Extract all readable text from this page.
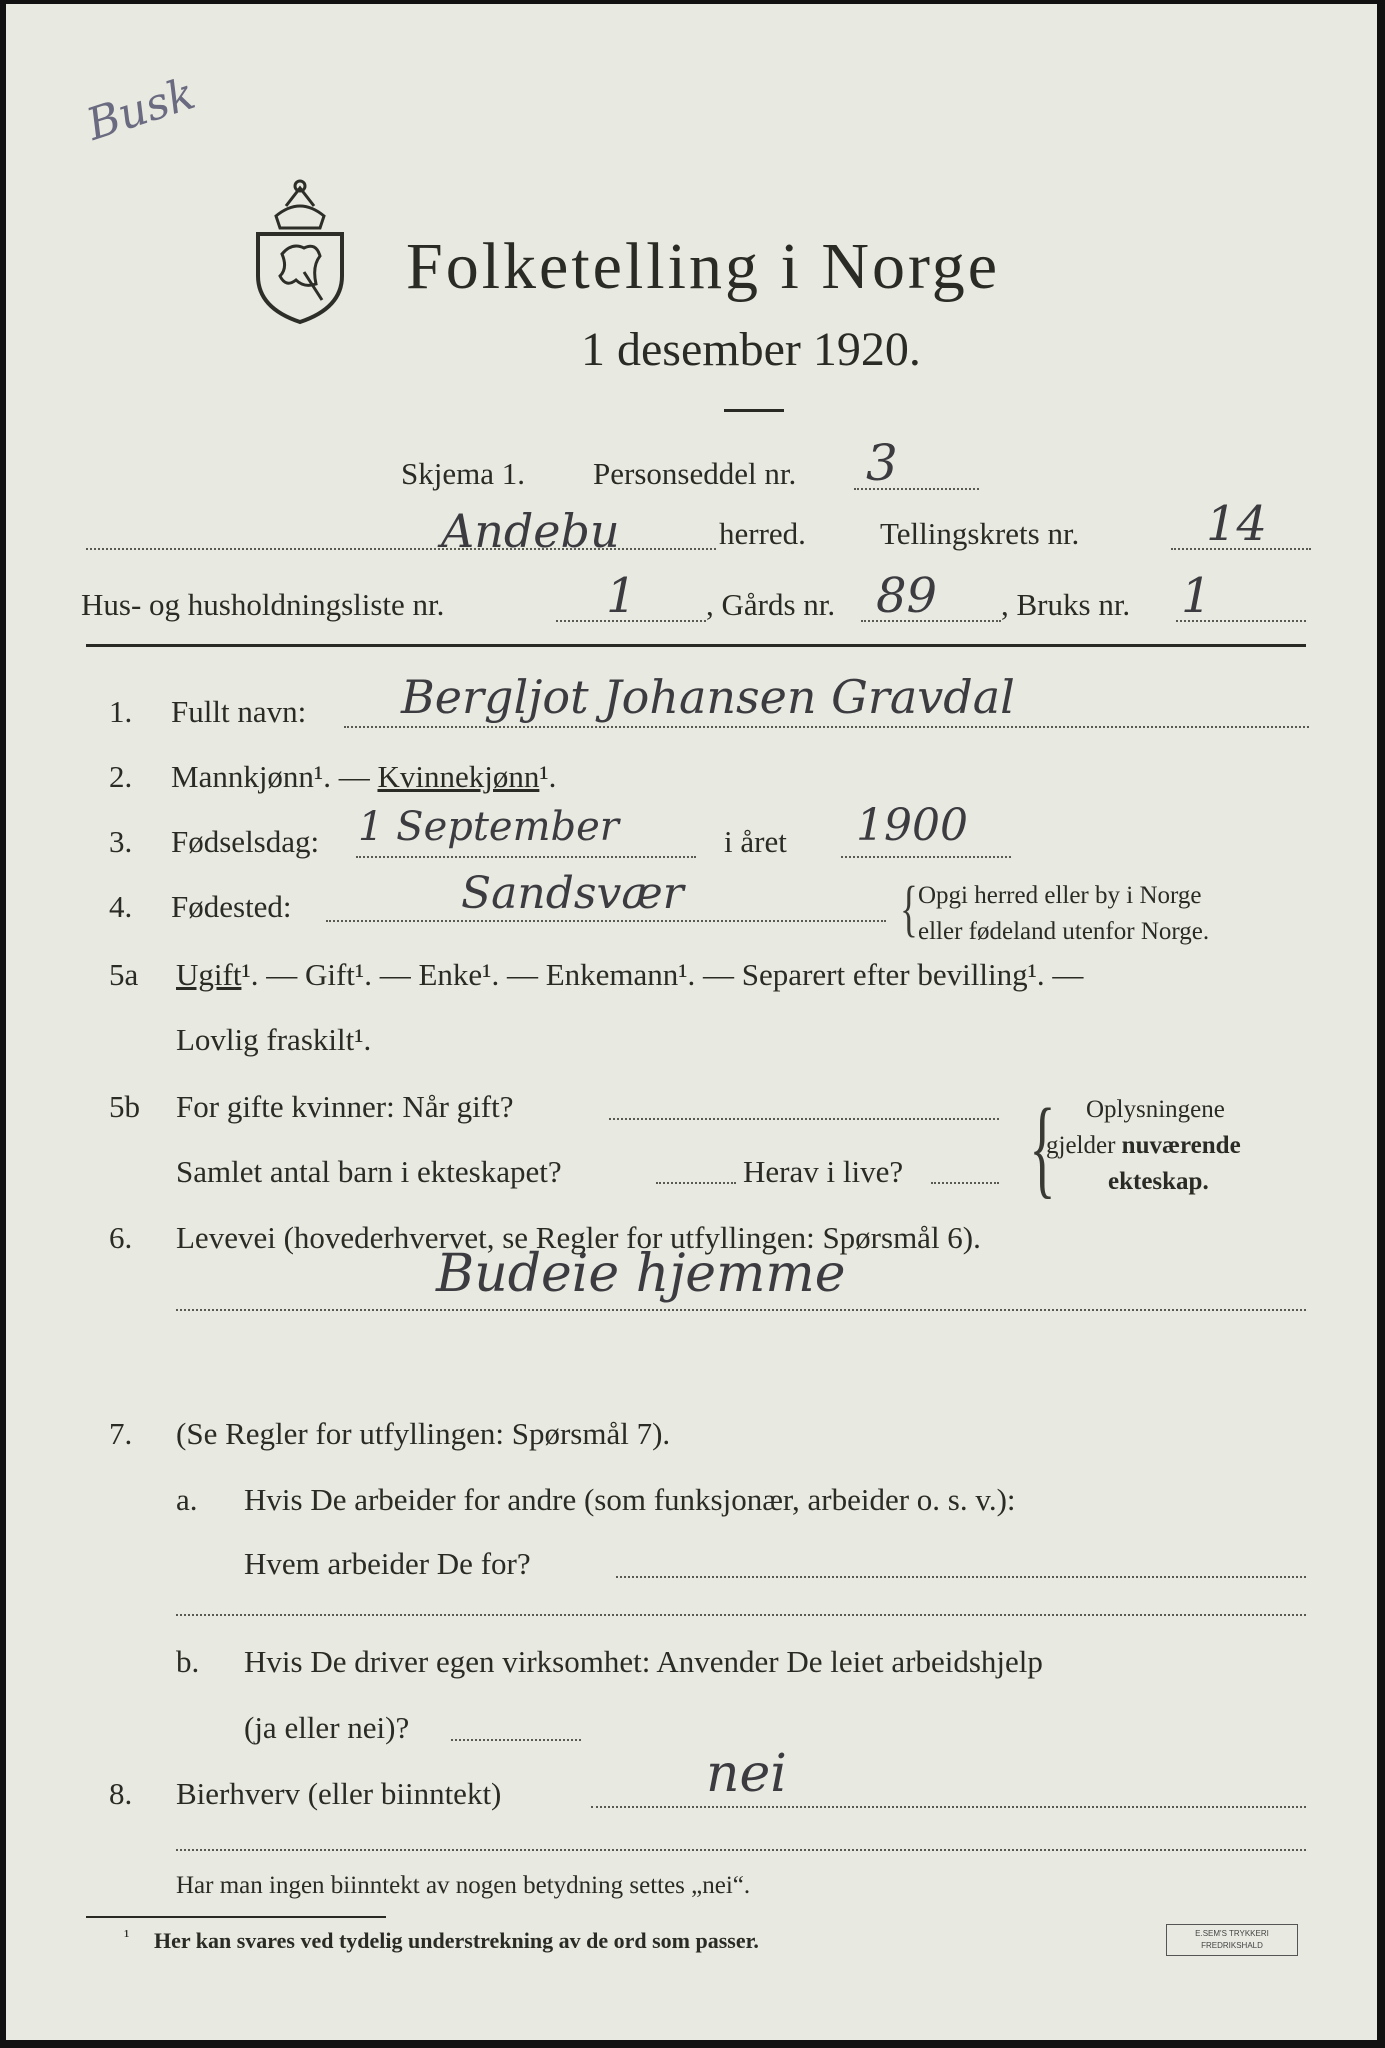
Busk
Folketelling i Norge
1 desember 1920.
Skjema 1. Personseddel nr. 3
Andebu	herred. Tellingskrets nr.	14
Hus- og husholdningsliste nr.	1 , Gårds nr. 89 , Bruks nr. 1
1. Fullt navn: Bergljot Johansen Gravdal
2. Mannkjønn¹. — Kvinnekjønn¹.
3. Fødselsdag: 1 September	i året 1900
4. Fødested:	Sandsvær	{ Opgi herred eller by i Norge
eller fødeland utenfor Norge.
5a Ugift¹. — Gift¹. — Enke¹. — Enkemann¹. — Separert efter bevilling¹. —
Lovlig fraskilt¹.
5b For gifte kvinner: Når gift?
Samlet antal barn i ekteskapet?	Herav i live? { Oplysningene
gjelder nuværende
ekteskap.
6. Levevei (hovederhvervet, se Regler for utfyllingen: Spørsmål 6).
Budeie hjemme
7. (Se Regler for utfyllingen: Spørsmål 7).
a. Hvis De arbeider for andre (som funksjonær, arbeider o. s. v.):
Hvem arbeider De for?
b. Hvis De driver egen virksomhet: Anvender De leiet arbeidshjelp
(ja eller nei)?
8. Bierhverv (eller biinntekt)	nei
Har man ingen biinntekt av nogen betydning settes „nei“.
¹ Her kan svares ved tydelig understrekning av de ord som passer.	E.SEM'S TRYKKERI
FREDRIKSHALD
